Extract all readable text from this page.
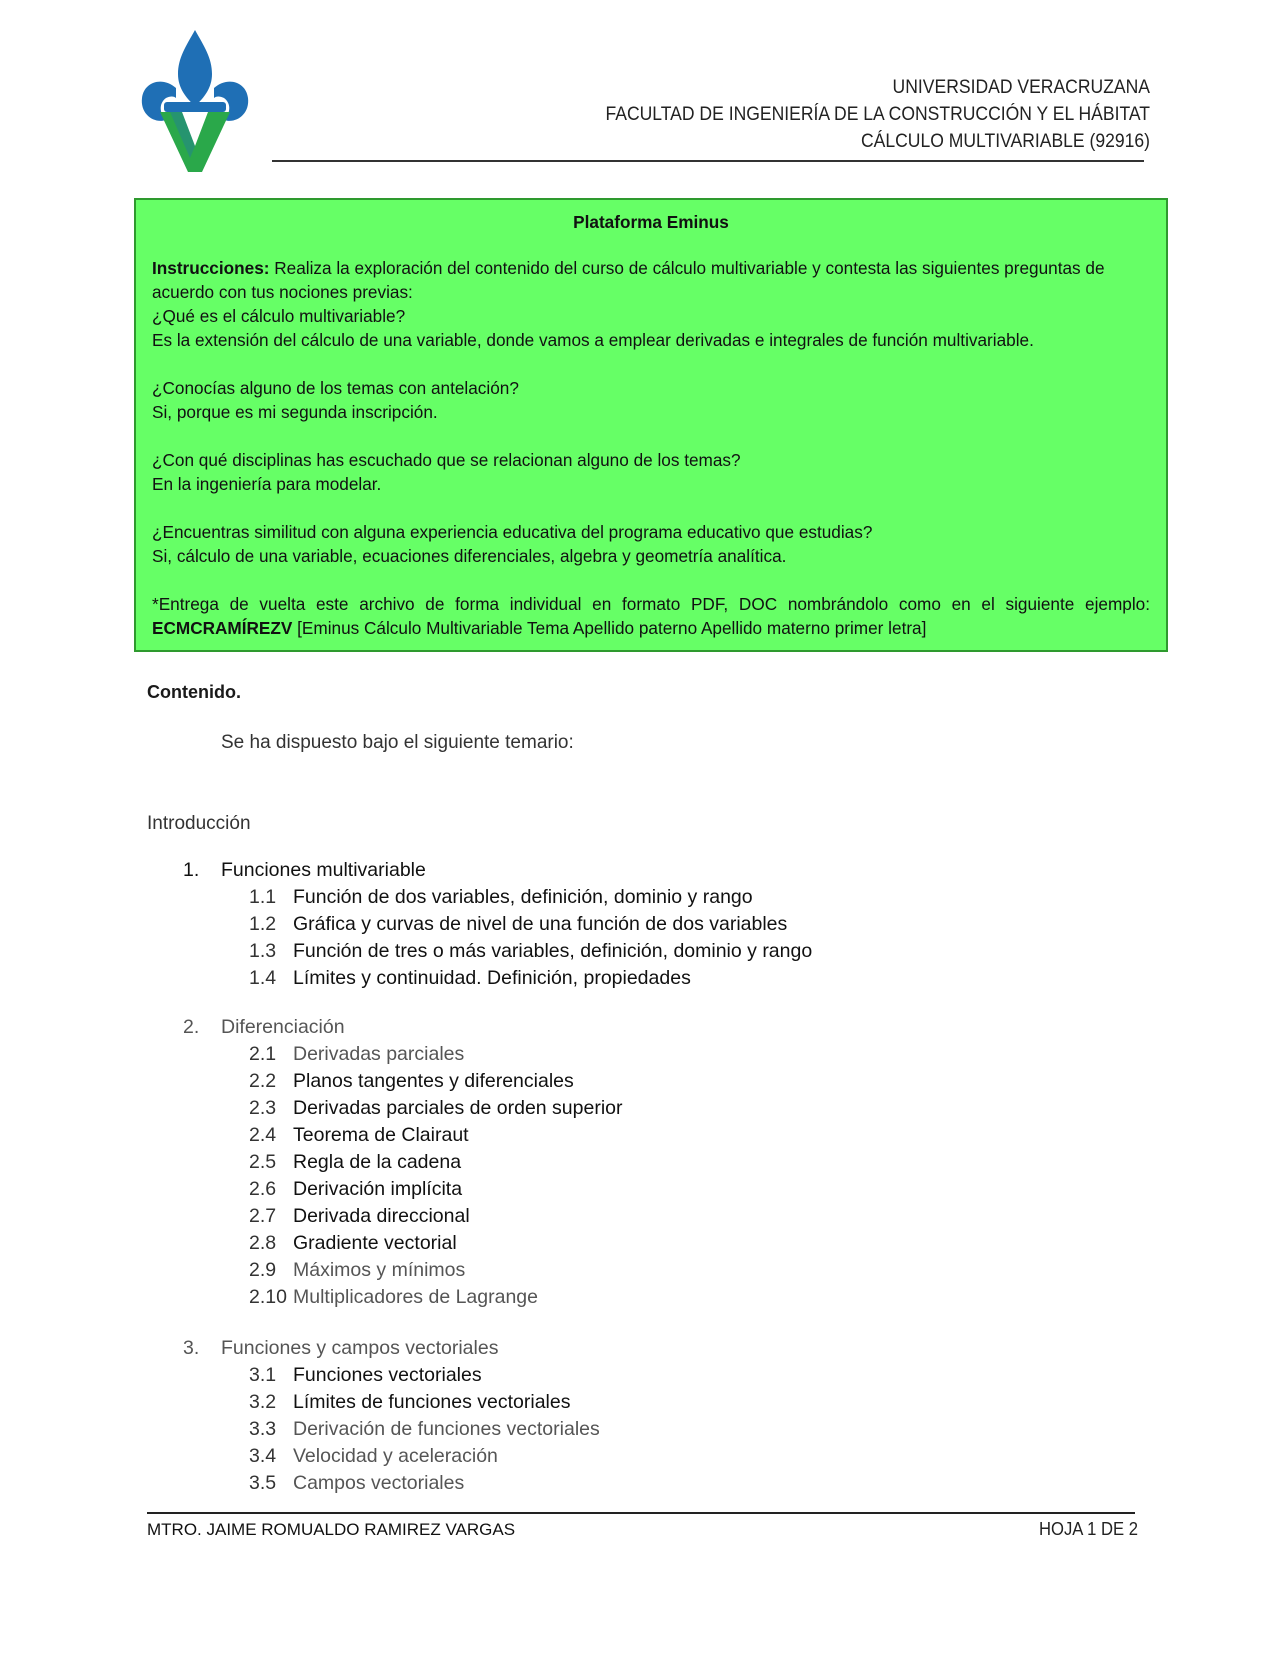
UNIVERSIDAD VERACRUZANA
FACULTAD DE INGENIERÍA DE LA CONSTRUCCIÓN Y EL HÁBITAT
CÁLCULO MULTIVARIABLE (92916)
Plataforma Eminus

Instrucciones: Realiza la exploración del contenido del curso de cálculo multivariable y contesta las siguientes preguntas de acuerdo con tus nociones previas:

¿Qué es el cálculo multivariable?

Es la extensión del cálculo de una variable, donde vamos a emplear derivadas e integrales de función multivariable.

¿Conocías alguno de los temas con antelación?

Si, porque es mi segunda inscripción.

¿Con qué disciplinas has escuchado que se relacionan alguno de los temas?

En la ingeniería para modelar.

¿Encuentras similitud con alguna experiencia educativa del programa educativo que estudias?

Si, cálculo de una variable, ecuaciones diferenciales, algebra y geometría analítica.

*Entrega de vuelta este archivo de forma individual en formato PDF, DOC nombrándolo como en el siguiente ejemplo:

ECMCRAMÍREZV [Eminus Cálculo Multivariable Tema Apellido paterno Apellido materno primer letra]

Contenido.
Se ha dispuesto bajo el siguiente temario:
Introducción
1. Funciones multivariable
1.1 Función de dos variables, definición, dominio y rango
1.2 Gráfica y curvas de nivel de una función de dos variables
1.3 Función de tres o más variables, definición, dominio y rango
1.4 Límites y continuidad. Definición, propiedades
2. Diferenciación
2.1 Derivadas parciales
2.2 Planos tangentes y diferenciales
2.3 Derivadas parciales de orden superior
2.4 Teorema de Clairaut
2.5 Regla de la cadena
2.6 Derivación implícita
2.7 Derivada direccional
2.8 Gradiente vectorial
2.9 Máximos y mínimos
2.10 Multiplicadores de Lagrange
3. Funciones y campos vectoriales
3.1 Funciones vectoriales
3.2 Límites de funciones vectoriales
3.3 Derivación de funciones vectoriales
3.4 Velocidad y aceleración
3.5 Campos vectoriales
MTRO. JAIME ROMUALDO RAMIREZ VARGAS	HOJA 1 DE 2
